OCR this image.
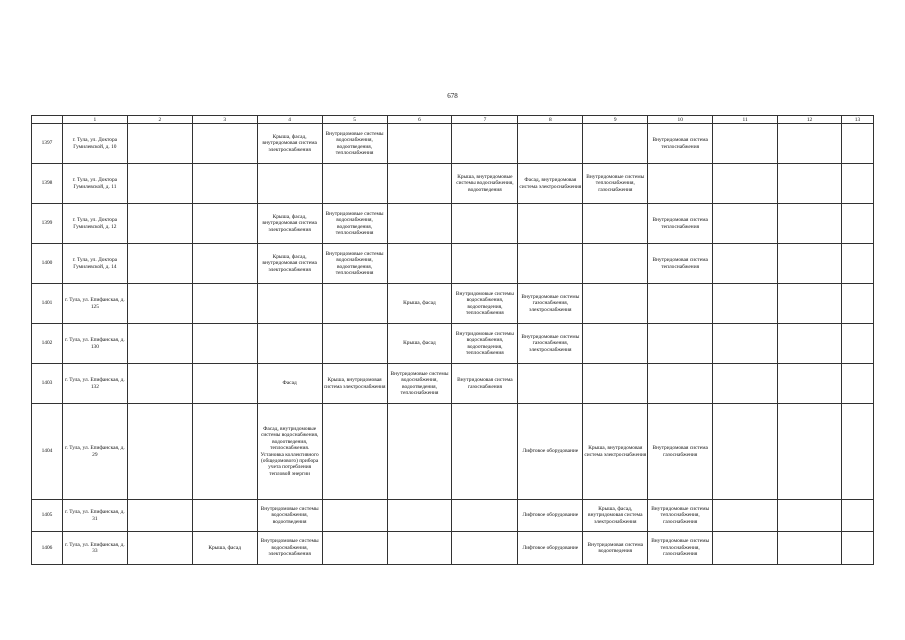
678
	1	2	3	4	5	6	7	8	9	10	11	12	13
1397	г. Тула, ул. Доктора Гумилевской, д. 10			Крыша, фасад, внутридомовая система электроснабжения	Внутридомовые системы водоснабжения, водоотведения, теплоснабжения					Внутридомовая система теплоснабжения			

1398	г. Тула, ул. Доктора Гумилевской, д. 11						Крыша, внутридомовые системы водоснабжения, водоотведения	Фасад, внутридомовая система электроснабжения	Внутридомовые системы теплоснабжения, газоснабжения				

1399	г. Тула, ул. Доктора Гумилевской, д. 12			Крыша, фасад, внутридомовая система электроснабжения	Внутридомовые системы водоснабжения, водоотведения, теплоснабжения					Внутридомовая система теплоснабжения			

1400	г. Тула, ул. Доктора Гумилевской, д. 14			Крыша, фасад, внутридомовая система электроснабжения	Внутридомовые системы водоснабжения, водоотведения, теплоснабжения					Внутридомовая система теплоснабжения			

1401	г. Тула, ул. Епифанская, д. 125					Крыша, фасад	Внутридомовые системы водоснабжения, водоотведения, теплоснабжения	Внутридомовые системы газоснабжения, электроснабжения					

1402	г. Тула, ул. Епифанская, д. 130					Крыша, фасад	Внутридомовые системы водоснабжения, водоотведения, теплоснабжения	Внутридомовые системы газоснабжения, электроснабжения					

1403	г. Тула, ул. Епифанская, д. 132			Фасад	Крыша, внутридомовая система электроснабжения	Внутридомовые системы водоснабжения, водоотведения, теплоснабжения	Внутридомовая система газоснабжения						

1404	г. Тула, ул. Епифанская, д. 29			Фасад, внутридомовые системы водоснабжения, водоотведения, теплоснабжения. Установка коллективного (общедомового) прибора учета потребления тепловой энергии				Лифтовое оборудование	Крыша, внутридомовая система электроснабжения	Внутридомовая система газоснабжения			

1405	г. Тула, ул. Епифанская, д. 31			Внутридомовые системы водоснабжения, водоотведения				Лифтовое оборудование	Крыша, фасад, внутридомовая система электроснабжения	Внутридомовые системы теплоснабжения, газоснабжения			

1406	г. Тула, ул. Епифанская, д. 33		Крыша, фасад	Внутридомовые системы водоснабжения, электроснабжения				Лифтовое оборудование	Внутридомовая система водоотведения	Внутридомовые системы теплоснабжения, газоснабжения			
